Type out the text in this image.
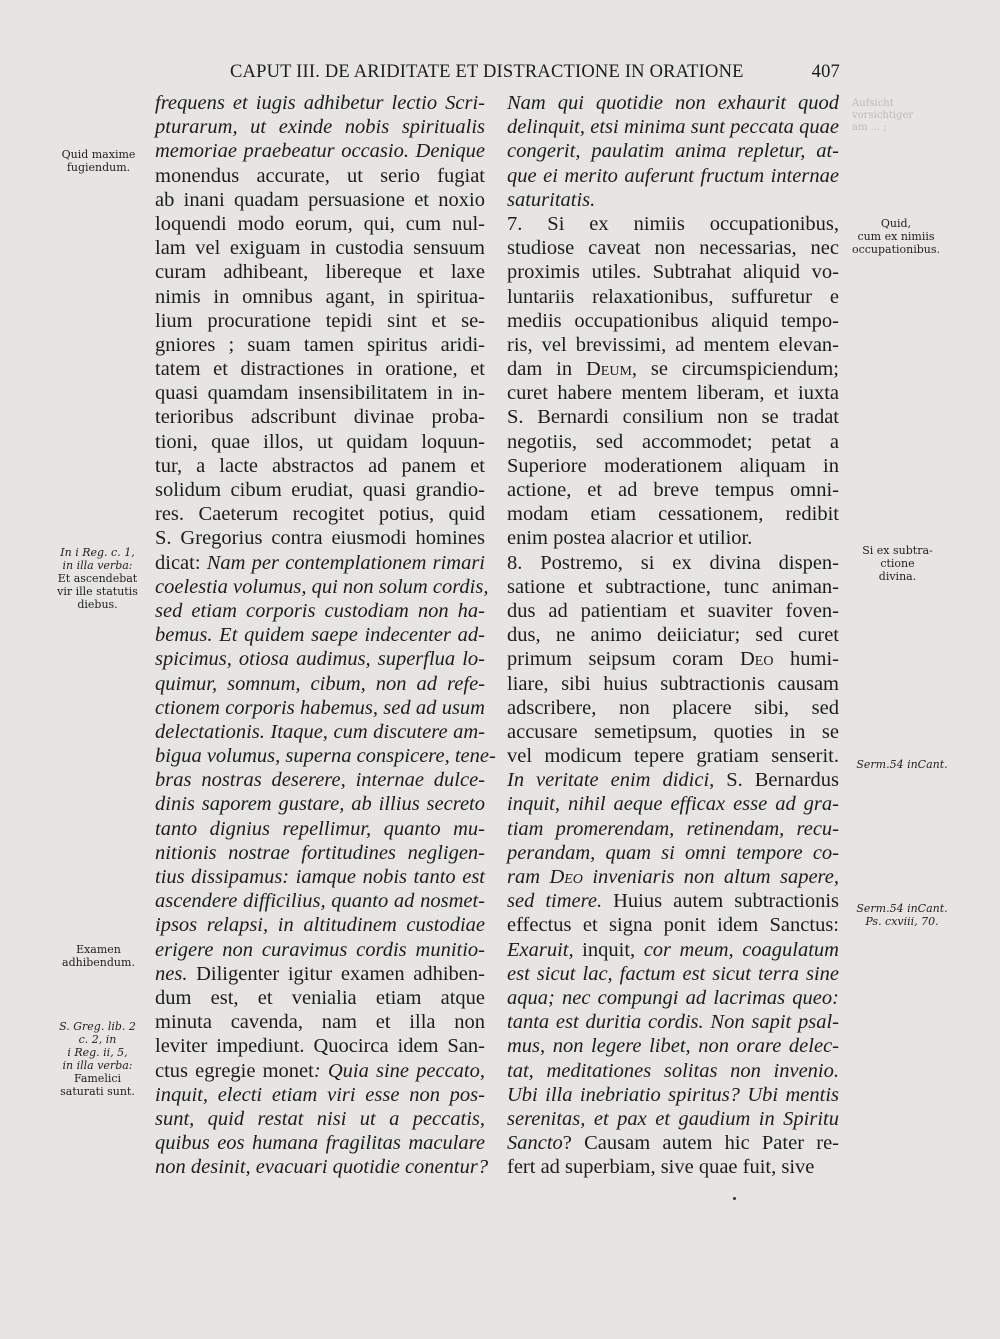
CAPUT III. DE ARIDITATE ET DISTRACTIONE IN ORATIONE	407
Aufsicht
vorsichtiger
am ... ;
Quid maxime
fugiendum.
In i Reg. c. 1,
in illa verba:
Et ascendebat
vir ille statutis
diebus.
Examen
adhibendum.
S. Greg. lib. 2
c. 2, in
i Reg. ii, 5,
in illa verba:
Famelici
saturati sunt.
Quid,
cum ex nimiis
occupationibus.
Si ex subtra-
ctione
divina.
Serm.54 inCant.
Serm.54 inCant.
Ps. cxviii, 70.
frequens et iugis adhibetur lectio Scri-
pturarum, ut exinde nobis spiritualis
memoriae praebeatur occasio. Denique
monendus accurate, ut serio fugiat
ab inani quadam persuasione et noxio
loquendi modo eorum, qui, cum nul-
lam vel exiguam in custodia sensuum
curam adhibeant, libereque et laxe
nimis in omnibus agant, in spiritua-
lium procuratione tepidi sint et se-
gniores ; suam tamen spiritus aridi-
tatem et distractiones in oratione, et
quasi quamdam insensibilitatem in in-
terioribus adscribunt divinae proba-
tioni, quae illos, ut quidam loquun-
tur, a lacte abstractos ad panem et
solidum cibum erudiat, quasi grandio-
res. Caeterum recogitet potius, quid
S. Gregorius contra eiusmodi homines
dicat: Nam per contemplationem rimari
coelestia volumus, qui non solum cordis,
sed etiam corporis custodiam non ha-
bemus. Et quidem saepe indecenter ad-
spicimus, otiosa audimus, superflua lo-
quimur, somnum, cibum, non ad refe-
ctionem corporis habemus, sed ad usum
delectationis. Itaque, cum discutere am-
bigua volumus, superna conspicere, tene-
bras nostras deserere, internae dulce-
dinis saporem gustare, ab illius secreto
tanto dignius repellimur, quanto mu-
nitionis nostrae fortitudines negligen-
tius dissipamus: iamque nobis tanto est
ascendere difficilius, quanto ad nosmet-
ipsos relapsi, in altitudinem custodiae
erigere non curavimus cordis munitio-
nes. Diligenter igitur examen adhiben-
dum est, et venialia etiam atque
minuta cavenda, nam et illa non
leviter impediunt. Quocirca idem San-
ctus egregie monet: Quia sine peccato,
inquit, electi etiam viri esse non pos-
sunt, quid restat nisi ut a peccatis,
quibus eos humana fragilitas maculare
non desinit, evacuari quotidie conentur?
Nam qui quotidie non exhaurit quod
delinquit, etsi minima sunt peccata quae
congerit, paulatim anima repletur, at-
que ei merito auferunt fructum internae
saturitatis.
7. Si ex nimiis occupationibus,
studiose caveat non necessarias, nec
proximis utiles. Subtrahat aliquid vo-
luntariis relaxationibus, suffuretur e
mediis occupationibus aliquid tempo-
ris, vel brevissimi, ad mentem elevan-
dam in Deum, se circumspiciendum;
curet habere mentem liberam, et iuxta
S. Bernardi consilium non se tradat
negotiis, sed accommodet; petat a
Superiore moderationem aliquam in
actione, et ad breve tempus omni-
modam etiam cessationem, redibit
enim postea alacrior et utilior.
8. Postremo, si ex divina dispen-
satione et subtractione, tunc animan-
dus ad patientiam et suaviter foven-
dus, ne animo deiiciatur; sed curet
primum seipsum coram Deo humi-
liare, sibi huius subtractionis causam
adscribere, non placere sibi, sed
accusare semetipsum, quoties in se
vel modicum tepere gratiam senserit.
In veritate enim didici, S. Bernardus
inquit, nihil aeque efficax esse ad gra-
tiam promerendam, retinendam, recu-
perandam, quam si omni tempore co-
ram Deo inveniaris non altum sapere,
sed timere. Huius autem subtractionis
effectus et signa ponit idem Sanctus:
Exaruit, inquit, cor meum, coagulatum
est sicut lac, factum est sicut terra sine
aqua; nec compungi ad lacrimas queo:
tanta est duritia cordis. Non sapit psal-
mus, non legere libet, non orare delec-
tat, meditationes solitas non invenio.
Ubi illa inebriatio spiritus? Ubi mentis
serenitas, et pax et gaudium in Spiritu
Sancto? Causam autem hic Pater re-
fert ad superbiam, sive quae fuit, sive
